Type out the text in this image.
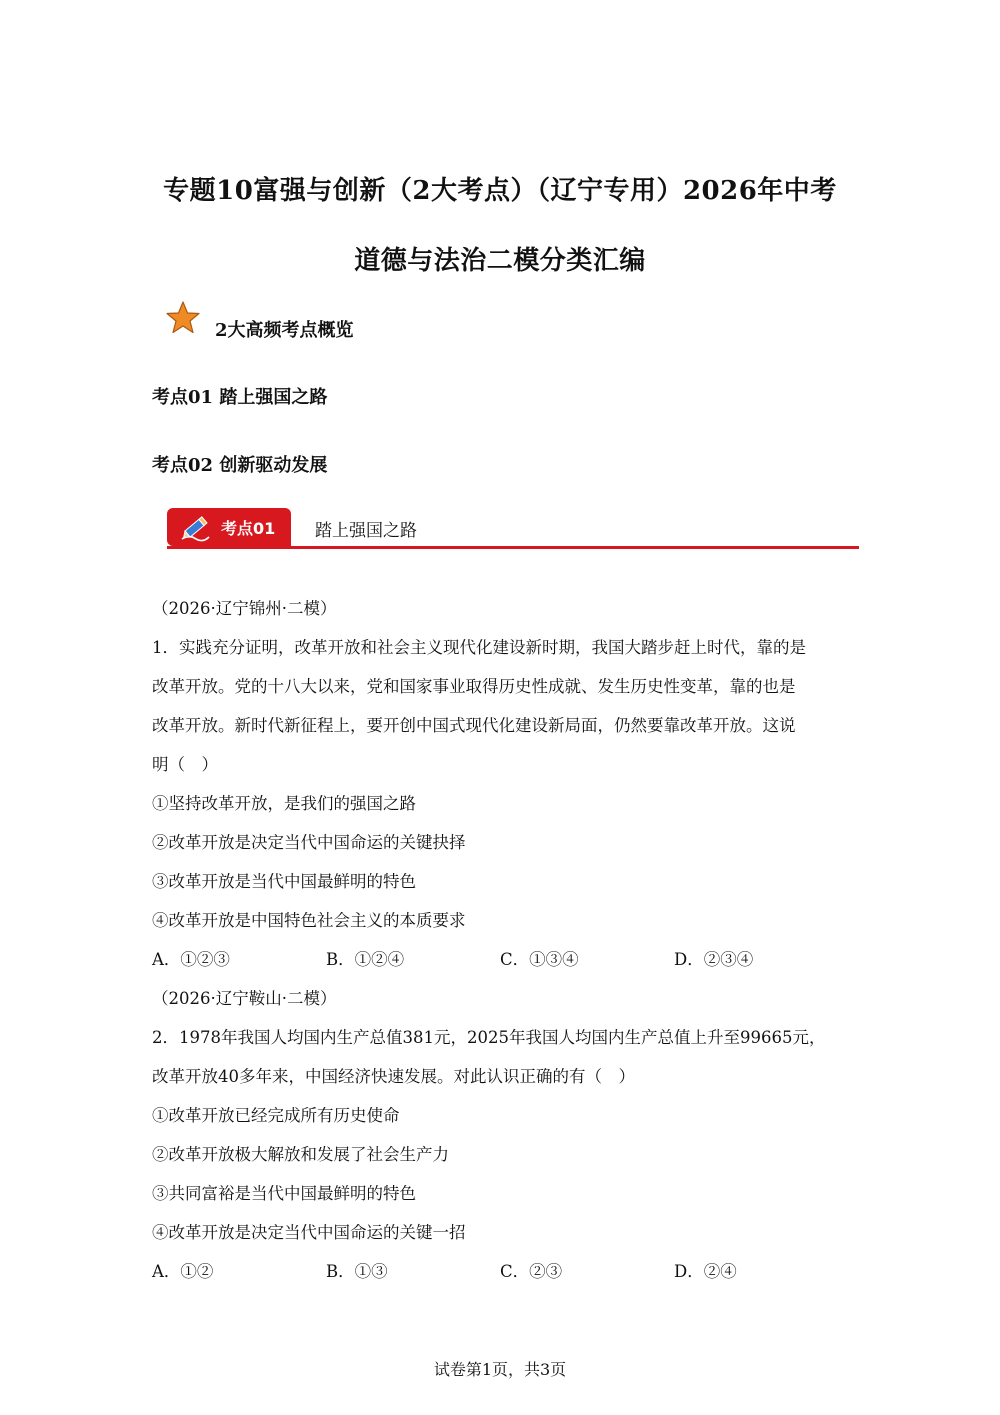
专题10富强与创新（2大考点）（辽宁专用）2026年中考
道德与法治二模分类汇编
2大高频考点概览
考点01 踏上强国之路
考点02 创新驱动发展
考点01 踏上强国之路
（2026·辽宁锦州·二模）
1．实践充分证明，改革开放和社会主义现代化建设新时期，我国大踏步赶上时代，靠的是
改革开放。党的十八大以来，党和国家事业取得历史性成就、发生历史性变革，靠的也是
改革开放。新时代新征程上，要开创中国式现代化建设新局面，仍然要靠改革开放。这说
明（　）
①坚持改革开放，是我们的强国之路
②改革开放是决定当代中国命运的关键抉择
③改革开放是当代中国最鲜明的特色
④改革开放是中国特色社会主义的本质要求
A．①②③	B．①②④	C．①③④	D．②③④
（2026·辽宁鞍山·二模）
2．1978年我国人均国内生产总值381元，2025年我国人均国内生产总值上升至99665元，
改革开放40多年来，中国经济快速发展。对此认识正确的有（　）
①改革开放已经完成所有历史使命
②改革开放极大解放和发展了社会生产力
③共同富裕是当代中国最鲜明的特色
④改革开放是决定当代中国命运的关键一招
A．①②	B．①③	C．②③	D．②④
试卷第1页，共3页
